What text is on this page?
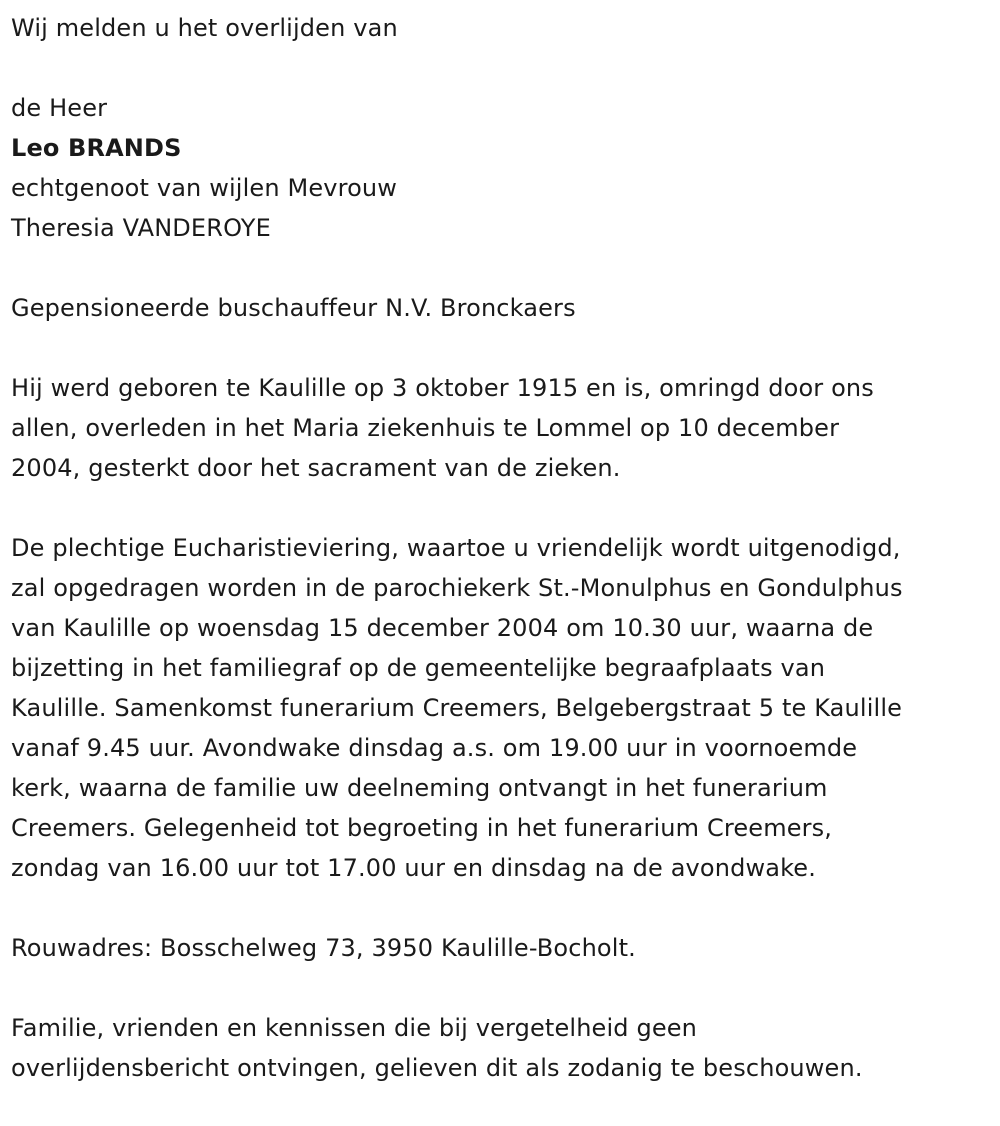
Wij melden u het overlijden van

de Heer

Leo BRANDS

echtgenoot van wijlen Mevrouw

Theresia VANDEROYE

Gepensioneerde buschauffeur N.V. Bronckaers

Hij werd geboren te Kaulille op 3 oktober 1915 en is, omringd door ons
allen, overleden in het Maria ziekenhuis te Lommel op 10 december
2004, gesterkt door het sacrament van de zieken.

De plechtige Eucharistieviering, waartoe u vriendelijk wordt uitgenodigd,
zal opgedragen worden in de parochiekerk St.-Monulphus en Gondulphus
van Kaulille op woensdag 15 december 2004 om 10.30 uur, waarna de
bijzetting in het familiegraf op de gemeentelijke begraafplaats van
Kaulille. Samenkomst funerarium Creemers, Belgebergstraat 5 te Kaulille
vanaf 9.45 uur. Avondwake dinsdag a.s. om 19.00 uur in voornoemde
kerk, waarna de familie uw deelneming ontvangt in het funerarium
Creemers. Gelegenheid tot begroeting in het funerarium Creemers,
zondag van 16.00 uur tot 17.00 uur en dinsdag na de avondwake.

Rouwadres: Bosschelweg 73, 3950 Kaulille-Bocholt.

Familie, vrienden en kennissen die bij vergetelheid geen
overlijdensbericht ontvingen, gelieven dit als zodanig te beschouwen.
